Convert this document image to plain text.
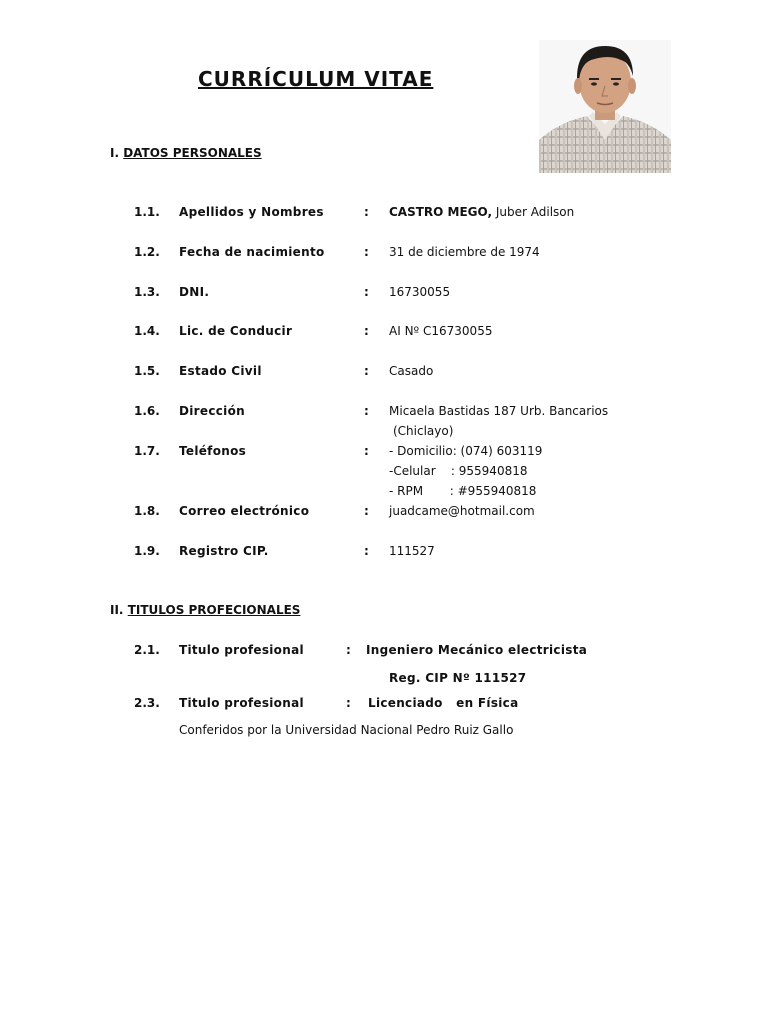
CURRÍCULUM VITAE
I. DATOS PERSONALES
1.1. Apellidos y Nombres	: CASTRO MEGO, Juber Adilson
1.2. Fecha de nacimiento	: 31 de diciembre de 1974
1.3. DNI.	: 16730055
1.4. Lic. de Conducir	: AI Nº C16730055
1.5. Estado Civil	: Casado
1.6. Dirección	: Micaela Bastidas 187 Urb. Bancarios
(Chiclayo)
1.7. Teléfonos	: - Domicilio: (074) 603119
-Celular    : 955940818
- RPM       : #955940818
1.8. Correo electrónico	: juadcame@hotmail.com
1.9. Registro CIP.	: 111527
II. TITULOS PROFECIONALES
2.1. Titulo profesional	: Ingeniero Mecánico electricista
Reg. CIP Nº 111527
2.3. Titulo profesional	: Licenciado   en Física
Conferidos por la Universidad Nacional Pedro Ruiz Gallo
